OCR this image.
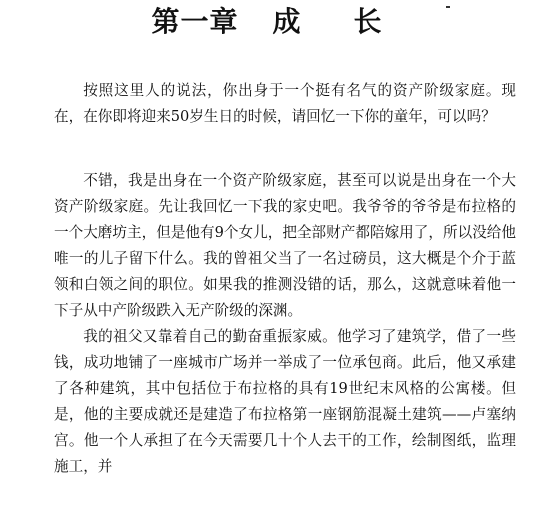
第一章 成 长

按照这里人的说法，你出身于一个挺有名气的资产阶级家庭。现在，在你即将迎来50岁生日的时候，请回忆一下你的童年，可以吗？

不错，我是出身在一个资产阶级家庭，甚至可以说是出身在一个大资产阶级家庭。先让我回忆一下我的家史吧。我爷爷的爷爷是布拉格的一个大磨坊主，但是他有9个女儿，把全部财产都陪嫁用了，所以没给他唯一的儿子留下什么。我的曾祖父当了一名过磅员，这大概是个介于蓝领和白领之间的职位。如果我的推测没错的话，那么，这就意味着他一下子从中产阶级跌入无产阶级的深渊。

我的祖父又靠着自己的勤奋重振家威。他学习了建筑学，借了一些钱，成功地铺了一座城市广场并一举成了一位承包商。此后，他又承建了各种建筑，其中包括位于布拉格的具有19世纪末风格的公寓楼。但是，他的主要成就还是建造了布拉格第一座钢筋混凝土建筑——卢塞纳宫。他一个人承担了在今天需要几十个人去干的工作，绘制图纸，监理施工，并
